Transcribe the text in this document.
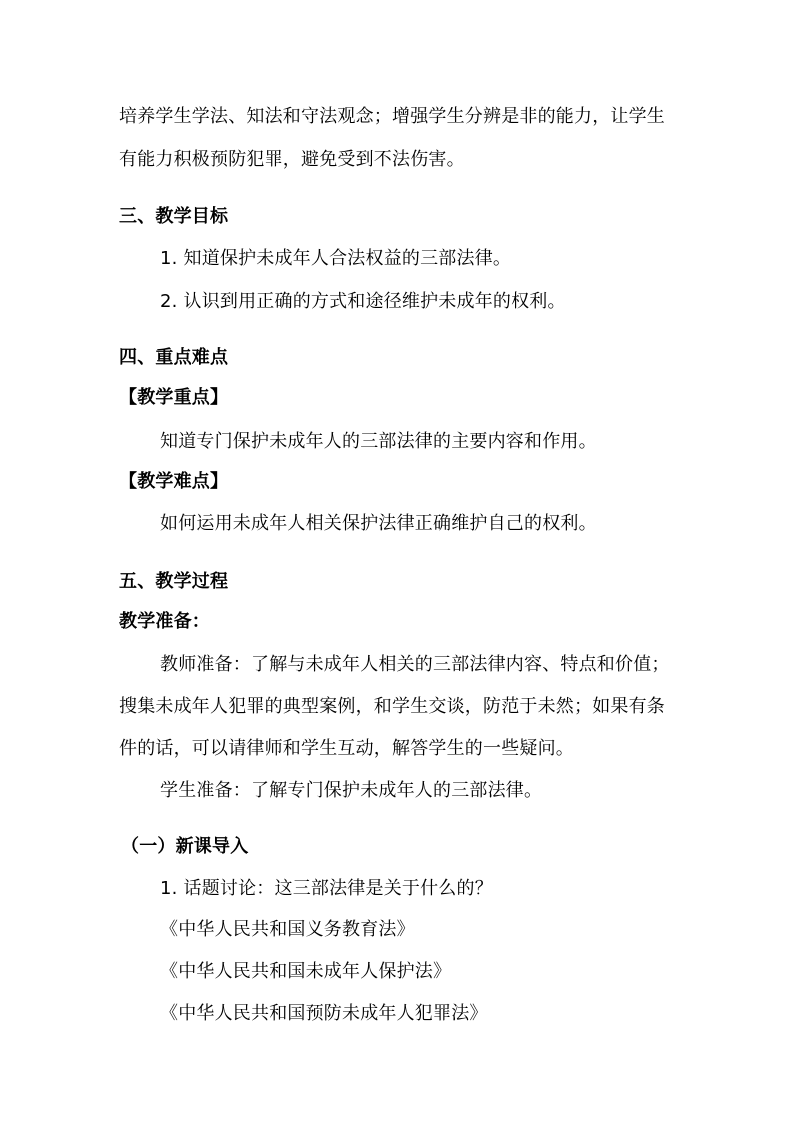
培养学生学法、知法和守法观念；增强学生分辨是非的能力，让学生
有能力积极预防犯罪，避免受到不法伤害。
三、教学目标
1. 知道保护未成年人合法权益的三部法律。
2. 认识到用正确的方式和途径维护未成年的权利。
四、重点难点
【教学重点】
知道专门保护未成年人的三部法律的主要内容和作用。
【教学难点】
如何运用未成年人相关保护法律正确维护自己的权利。
五、教学过程
教学准备：
教师准备：了解与未成年人相关的三部法律内容、特点和价值；
搜集未成年人犯罪的典型案例，和学生交谈，防范于未然；如果有条
件的话，可以请律师和学生互动，解答学生的一些疑问。
学生准备：了解专门保护未成年人的三部法律。
（一）新课导入
1. 话题讨论：这三部法律是关于什么的？
《中华人民共和国义务教育法》
《中华人民共和国未成年人保护法》
《中华人民共和国预防未成年人犯罪法》
